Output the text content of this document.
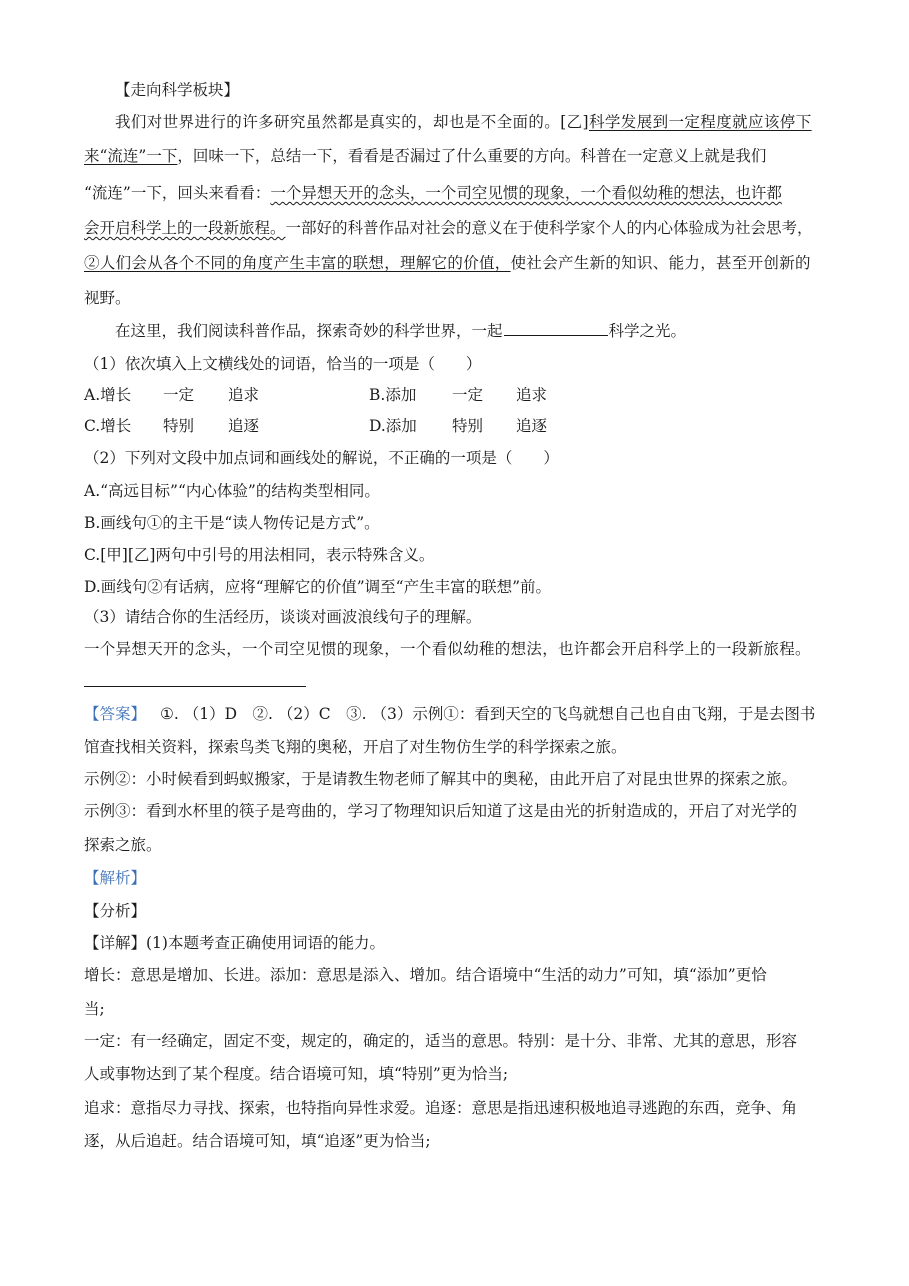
【走向科学板块】
我们对世界进行的许多研究虽然都是真实的，却也是不全面的。[乙]科学发展到一定程度就应该停下
来“流连”一下，回味一下，总结一下，看看是否漏过了什么重要的方向。科普在一定意义上就是我们
“流连”一下，回头来看看：一个异想天开的念头，一个司空见惯的现象，一个看似幼稚的想法，也许都
会开启科学上的一段新旅程。一部好的科普作品对社会的意义在于使科学家个人的内心体验成为社会思考，
②人们会从各个不同的角度产生丰富的联想，理解它的价值，使社会产生新的知识、能力，甚至开创新的
视野。
在这里，我们阅读科普作品，探索奇妙的科学世界，一起	科学之光。
（1）依次填入上文横线处的词语，恰当的一项是（　　）
A.增长 一定 追求	B.添加 一定 追求
C.增长 特别 追逐	D.添加 特别 追逐
（2）下列对文段中加点词和画线处的解说，不正确的一项是（　　）
A.“高远目标”“内心体验”的结构类型相同。
B.画线句①的主干是“读人物传记是方式”。
C.[甲][乙]两句中引号的用法相同，表示特殊含义。
D.画线句②有话病，应将“理解它的价值”调至“产生丰富的联想”前。
（3）请结合你的生活经历，谈谈对画波浪线句子的理解。
一个异想天开的念头，一个司空见惯的现象，一个看似幼稚的想法，也许都会开启科学上的一段新旅程。
【答案】 ①. （1）D　②. （2）C　③. （3）示例①：看到天空的飞鸟就想自己也自由飞翔，于是去图书
馆查找相关资料，探索鸟类飞翔的奥秘，开启了对生物仿生学的科学探索之旅。
示例②：小时候看到蚂蚁搬家，于是请教生物老师了解其中的奥秘，由此开启了对昆虫世界的探索之旅。
示例③：看到水杯里的筷子是弯曲的，学习了物理知识后知道了这是由光的折射造成的，开启了对光学的
探索之旅。
【解析】
【分析】
【详解】(1)本题考查正确使用词语的能力。
增长：意思是增加、长进。添加：意思是添入、增加。结合语境中“生活的动力”可知，填“添加”更恰
当;
一定：有一经确定，固定不变，规定的，确定的，适当的意思。特别：是十分、非常、尤其的意思，形容
人或事物达到了某个程度。结合语境可知，填“特别”更为恰当;
追求：意指尽力寻找、探索，也特指向异性求爱。追逐：意思是指迅速积极地追寻逃跑的东西，竞争、角
逐，从后追赶。结合语境可知，填“追逐”更为恰当;
